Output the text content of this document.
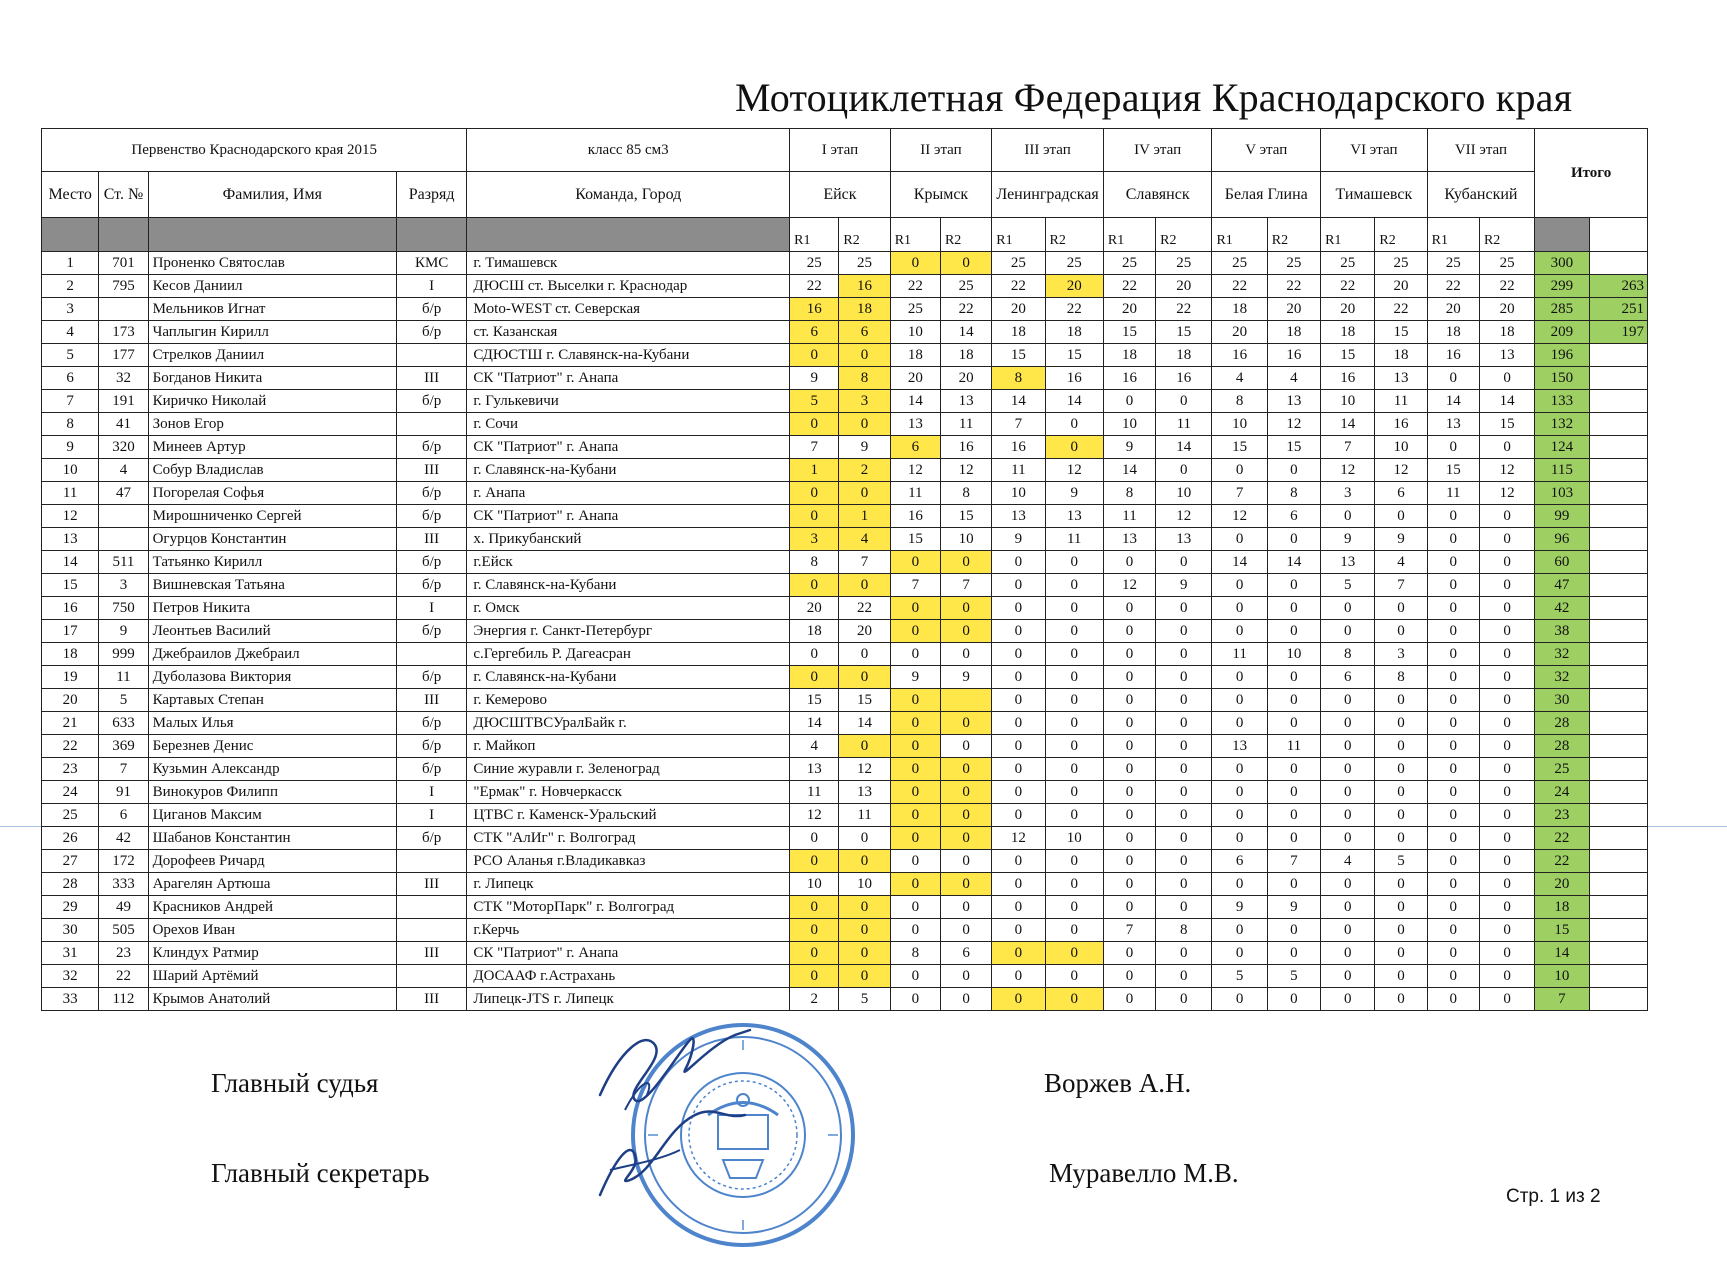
Мотоциклетная Федерация Краснодарского края
Первенство Краснодарского края 2015				класс 85 см3	I этап		II этап		III этап		IV этап		V этап		VI этап		VII этап		Итого	
Место	Ст. №	Фамилия, Имя	Разряд	Команда, Город	Ейск		Крымск		Ленинградская		Славянск		Белая Глина		Тимашевск		Кубанский			
					R1	R2	R1	R2	R1	R2	R1	R2	R1	R2	R1	R2	R1	R2		
1	701	Проненко Святослав	КМС	г. Тимашевск	25	25	0	0	25	25	25	25	25	25	25	25	25	25	300	
2	795	Кесов Даниил	I	ДЮСШ ст. Выселки г. Краснодар	22	16	22	25	22	20	22	20	22	22	22	20	22	22	299	263
3		Мельников Игнат	б/р	Moto-WEST ст. Северская	16	18	25	22	20	22	20	22	18	20	20	22	20	20	285	251
4	173	Чаплыгин Кирилл	б/р	ст. Казанская	6	6	10	14	18	18	15	15	20	18	18	15	18	18	209	197
5	177	Стрелков Даниил		СДЮСТШ г. Славянск-на-Кубани	0	0	18	18	15	15	18	18	16	16	15	18	16	13	196	
6	32	Богданов Никита	III	СК "Патриот" г. Анапа	9	8	20	20	8	16	16	16	4	4	16	13	0	0	150	
7	191	Киричко Николай	б/р	г. Гулькевичи	5	3	14	13	14	14	0	0	8	13	10	11	14	14	133	
8	41	Зонов Егор		г. Сочи	0	0	13	11	7	0	10	11	10	12	14	16	13	15	132	
9	320	Минеев Артур	б/р	СК "Патриот" г. Анапа	7	9	6	16	16	0	9	14	15	15	7	10	0	0	124	
10	4	Собур Владислав	III	г. Славянск-на-Кубани	1	2	12	12	11	12	14	0	0	0	12	12	15	12	115	
11	47	Погорелая Софья	б/р	г. Анапа	0	0	11	8	10	9	8	10	7	8	3	6	11	12	103	
12		Мирошниченко Сергей	б/р	СК "Патриот" г. Анапа	0	1	16	15	13	13	11	12	12	6	0	0	0	0	99	
13		Огурцов Константин	III	х. Прикубанский	3	4	15	10	9	11	13	13	0	0	9	9	0	0	96	
14	511	Татьянко Кирилл	б/р	г.Ейск	8	7	0	0	0	0	0	0	14	14	13	4	0	0	60	
15	3	Вишневская Татьяна	б/р	г. Славянск-на-Кубани	0	0	7	7	0	0	12	9	0	0	5	7	0	0	47	
16	750	Петров Никита	I	г. Омск	20	22	0	0	0	0	0	0	0	0	0	0	0	0	42	
17	9	Леонтьев Василий	б/р	Энергия г. Санкт-Петербург	18	20	0	0	0	0	0	0	0	0	0	0	0	0	38	
18	999	Джебраилов Джебраил		с.Гергебиль Р. Дагеасран	0	0	0	0	0	0	0	0	11	10	8	3	0	0	32	
19	11	Дуболазова Виктория	б/р	г. Славянск-на-Кубани	0	0	9	9	0	0	0	0	0	0	6	8	0	0	32	
20	5	Картавых Степан	III	г. Кемерово	15	15	0		0	0	0	0	0	0	0	0	0	0	30	
21	633	Малых Илья	б/р	ДЮСШТВСУралБайк г.	14	14	0	0	0	0	0	0	0	0	0	0	0	0	28	
22	369	Березнев Денис	б/р	г. Майкоп	4	0	0	0	0	0	0	0	13	11	0	0	0	0	28	
23	7	Кузьмин Александр	б/р	Синие журавли г. Зеленоград	13	12	0	0	0	0	0	0	0	0	0	0	0	0	25	
24	91	Винокуров Филипп	I	"Ермак" г. Новчеркасск	11	13	0	0	0	0	0	0	0	0	0	0	0	0	24	
25	6	Циганов Максим	I	ЦТВС г. Каменск-Уральский	12	11	0	0	0	0	0	0	0	0	0	0	0	0	23	
26	42	Шабанов Константин	б/р	СТК "АлИг" г. Волгоград	0	0	0	0	12	10	0	0	0	0	0	0	0	0	22	
27	172	Дорофеев Ричард		РСО Аланья г.Владикавказ	0	0	0	0	0	0	0	0	6	7	4	5	0	0	22	
28	333	Арагелян Артюша	III	г. Липецк	10	10	0	0	0	0	0	0	0	0	0	0	0	0	20	
29	49	Красников Андрей		СТК "МоторПарк" г. Волгоград	0	0	0	0	0	0	0	0	9	9	0	0	0	0	18	
30	505	Орехов Иван		г.Керчь	0	0	0	0	0	0	7	8	0	0	0	0	0	0	15	
31	23	Клиндух Ратмир	III	СК "Патриот" г. Анапа	0	0	8	6	0	0	0	0	0	0	0	0	0	0	14	
32	22	Шарий Артёмий		ДОСААФ г.Астрахань	0	0	0	0	0	0	0	0	5	5	0	0	0	0	10	
33	112	Крымов Анатолий	III	Липецк-JTS г. Липецк	2	5	0	0	0	0	0	0	0	0	0	0	0	0	7	
Главный судья	Воржев А.Н.
Главный секретарь	Муравелло М.В.
Стр. 1 из 2
